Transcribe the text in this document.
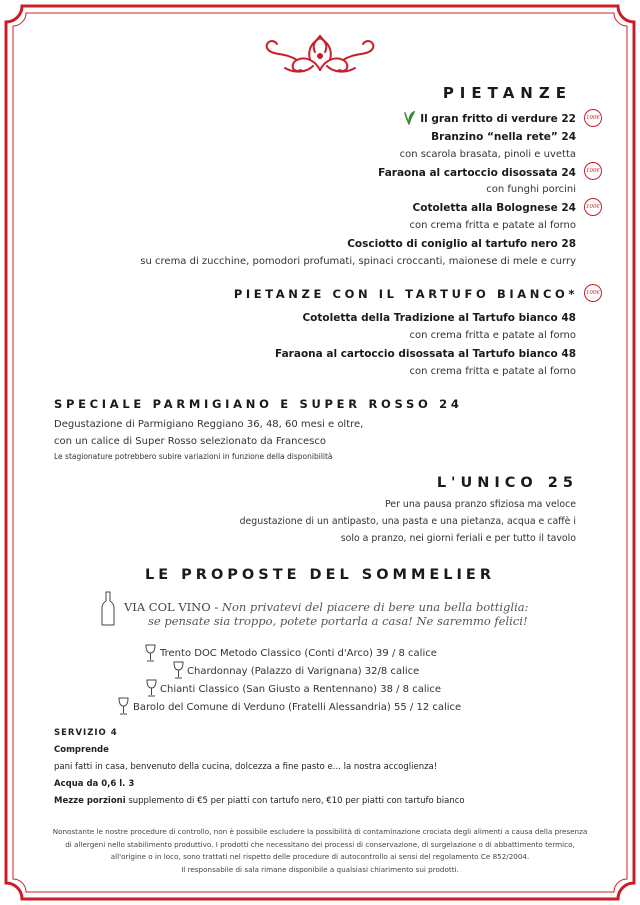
PIETANZE
Il gran fritto di verdure 22	100€
Branzino “nella rete” 24
con scarola brasata, pinoli e uvetta
Faraona al cartoccio disossata 24	100€
con funghi porcini
Cotoletta alla Bolognese 24	100€
con crema fritta e patate al forno
Cosciotto di coniglio al tartufo nero 28
su crema di zucchine, pomodori profumati, spinaci croccanti, maionese di mele e curry
PIETANZE CON IL TARTUFO BIANCO*	100€
Cotoletta della Tradizione al Tartufo bianco 48
con crema fritta e patate al forno
Faraona al cartoccio disossata al Tartufo bianco 48
con crema fritta e patate al forno
SPECIALE PARMIGIANO E SUPER ROSSO 24
Degustazione di Parmigiano Reggiano 36, 48, 60 mesi e oltre,
con un calice di Super Rosso selezionato da Francesco
Le stagionature potrebbero subire variazioni in funzione della disponibilità
L'UNICO 25
Per una pausa pranzo sfiziosa ma veloce
degustazione di un antipasto, una pasta e una pietanza, acqua e caffè i
solo a pranzo, nei giorni feriali e per tutto il tavolo
LE PROPOSTE DEL SOMMELIER
VIA COL VINO - Non privatevi del piacere di bere una bella bottiglia:
se pensate sia troppo, potete portarla a casa! Ne saremmo felici!
Trento DOC Metodo Classico (Conti d'Arco) 39 / 8 calice
Chardonnay (Palazzo di Varignana) 32/8 calice
Chianti Classico (San Giusto a Rentennano) 38 / 8 calice
Barolo del Comune di Verduno (Fratelli Alessandria) 55 / 12 calice
SERVIZIO 4
Comprende
pani fatti in casa, benvenuto della cucina, dolcezza a fine pasto e... la nostra accoglienza!
Acqua da 0,6 l. 3
Mezze porzioni supplemento di €5 per piatti con tartufo nero, €10 per piatti con tartufo bianco
Nonostante le nostre procedure di controllo, non è possibile escludere la possibilità di contaminazione crociata degli alimenti a causa della presenza
di allergeni nello stabilimento produttivo. I prodotti che necessitano dei processi di conservazione, di surgelazione o di abbattimento termico,
all'origine o in loco, sono trattati nel rispetto delle procedure di autocontrollo ai sensi del regolamento Ce 852/2004.
Il responsabile di sala rimane disponibile a qualsiasi chiarimento sui prodotti.
